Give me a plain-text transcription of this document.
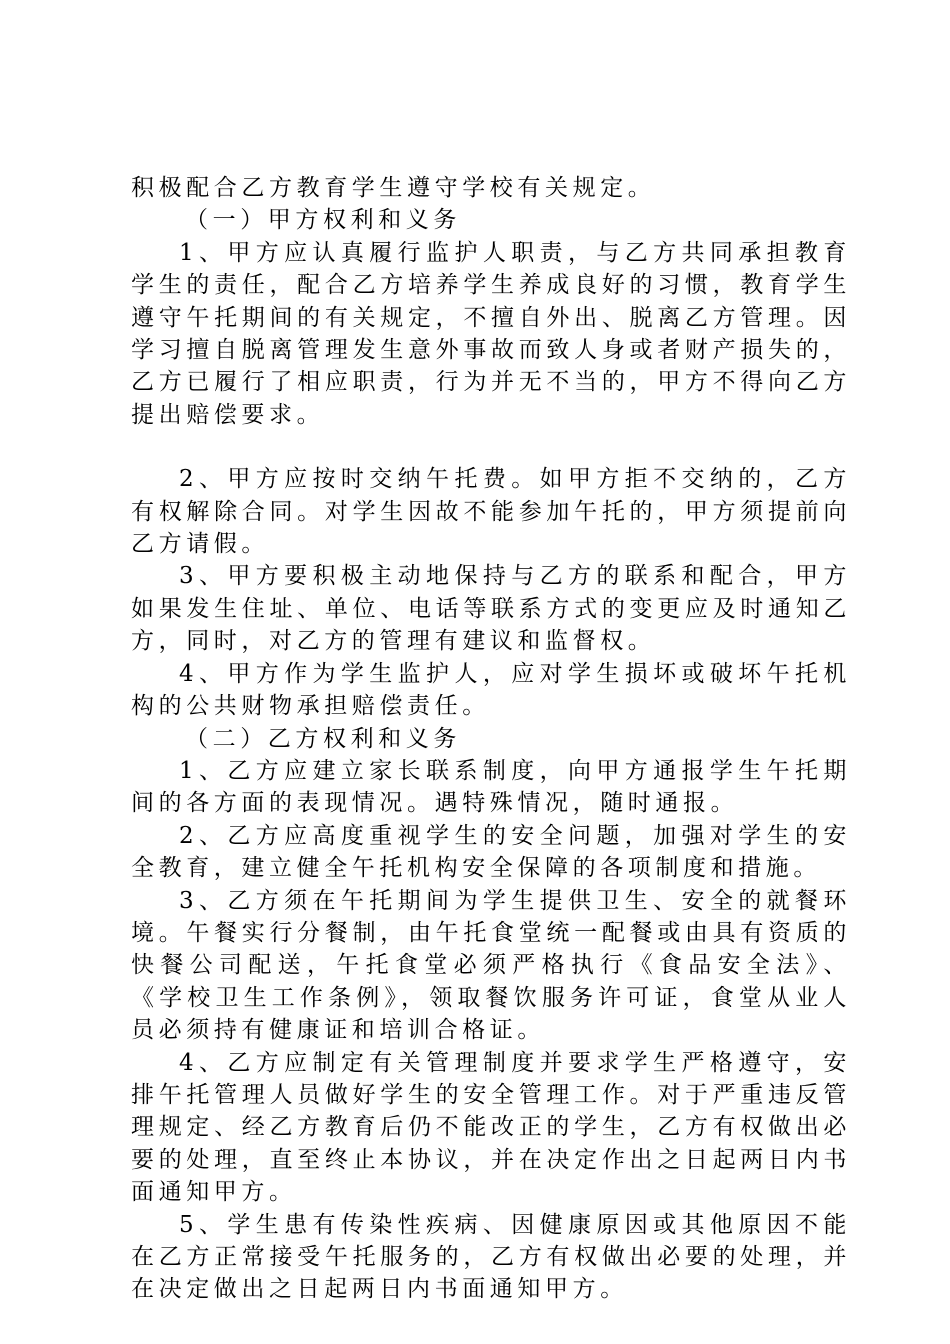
积极配合乙方教育学生遵守学校有关规定。

（一）甲方权利和义务

1、甲方应认真履行监护人职责，与乙方共同承担教育学生的责任，配合乙方培养学生养成良好的习惯，教育学生遵守午托期间的有关规定，不擅自外出、脱离乙方管理。因学习擅自脱离管理发生意外事故而致人身或者财产损失的，乙方已履行了相应职责，行为并无不当的，甲方不得向乙方提出赔偿要求。

2、甲方应按时交纳午托费。如甲方拒不交纳的，乙方有权解除合同。对学生因故不能参加午托的，甲方须提前向乙方请假。

3、甲方要积极主动地保持与乙方的联系和配合，甲方如果发生住址、单位、电话等联系方式的变更应及时通知乙方，同时，对乙方的管理有建议和监督权。

4、甲方作为学生监护人，应对学生损坏或破坏午托机构的公共财物承担赔偿责任。

（二）乙方权利和义务

1、乙方应建立家长联系制度，向甲方通报学生午托期间的各方面的表现情况。遇特殊情况，随时通报。

2、乙方应高度重视学生的安全问题，加强对学生的安全教育，建立健全午托机构安全保障的各项制度和措施。

3、乙方须在午托期间为学生提供卫生、安全的就餐环境。午餐实行分餐制，由午托食堂统一配餐或由具有资质的快餐公司配送，午托食堂必须严格执行《食品安全法》、《学校卫生工作条例》，领取餐饮服务许可证，食堂从业人员必须持有健康证和培训合格证。

4、乙方应制定有关管理制度并要求学生严格遵守，安排午托管理人员做好学生的安全管理工作。对于严重违反管理规定、经乙方教育后仍不能改正的学生，乙方有权做出必要的处理，直至终止本协议，并在决定作出之日起两日内书面通知甲方。

5、学生患有传染性疾病、因健康原因或其他原因不能在乙方正常接受午托服务的，乙方有权做出必要的处理，并在决定做出之日起两日内书面通知甲方。
